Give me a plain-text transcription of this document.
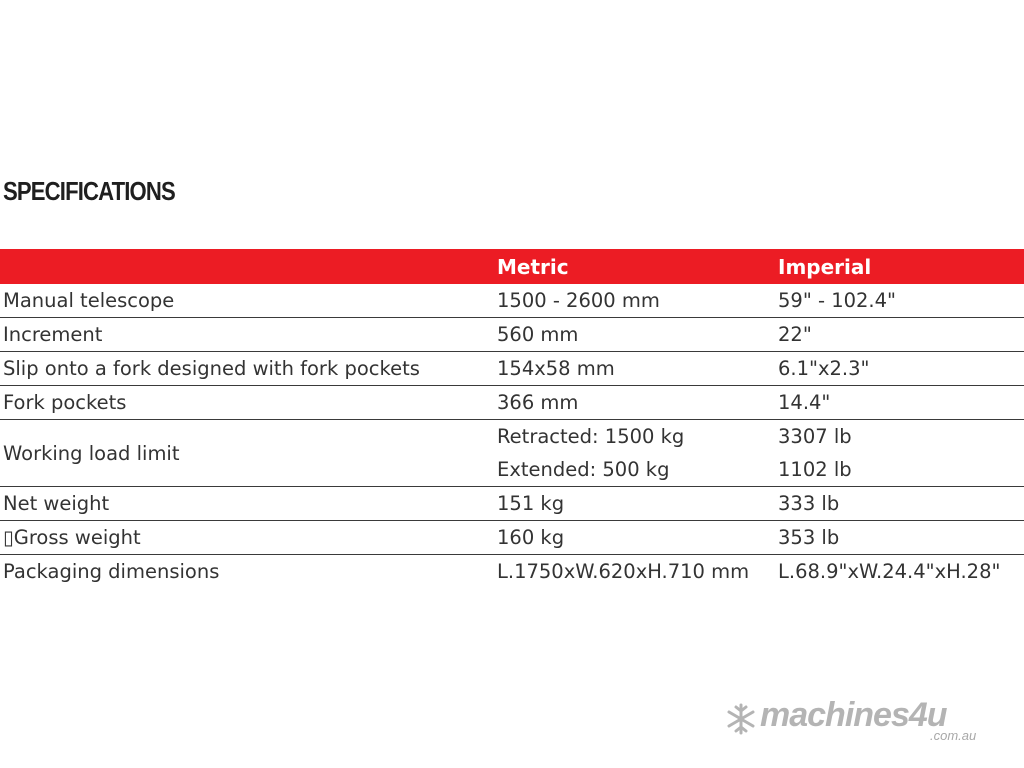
SPECIFICATIONS
	Metric	Imperial
Manual telescope	1500 - 2600 mm	59" - 102.4"
Increment	560 mm	22"
Slip onto a fork designed with fork pockets	154x58 mm	6.1"x2.3"
Fork pockets	366 mm	14.4"
Working load limit	Retracted: 1500 kg	3307 lb
	Extended: 500 kg	1102 lb
Net weight	151 kg	333 lb
▯Gross weight	160 kg	353 lb
Packaging dimensions	L.1750xW.620xH.710 mm	L.68.9"xW.24.4"xH.28"
machines4u
.com.au
